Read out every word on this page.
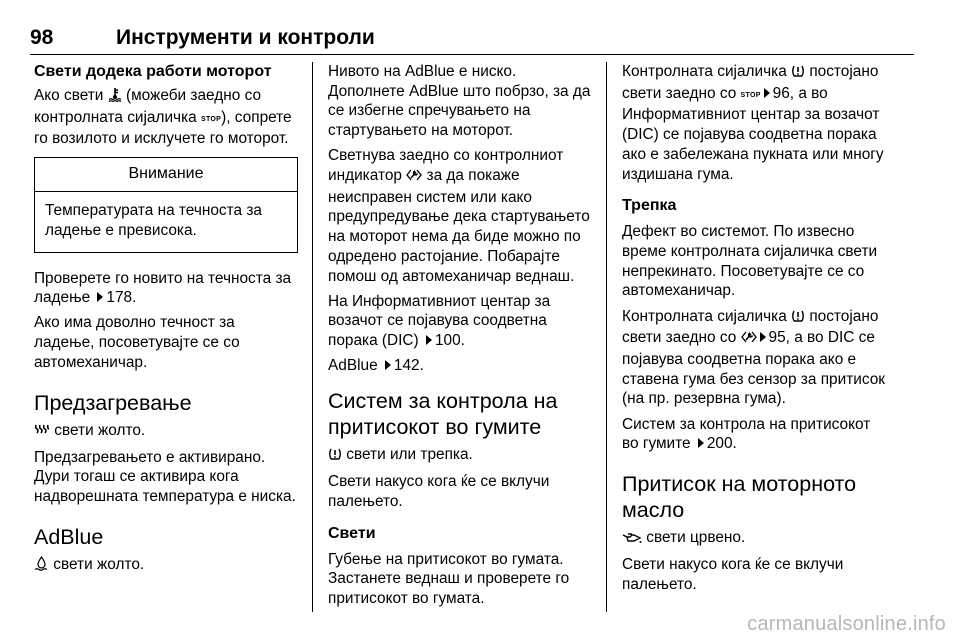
98	Инструменти и контроли
Свети додека работи моторот

Ако свети  (можеби заедно со контролната сијаличка STOP), сопрете го возилото и исклучете го моторот.

Внимание
Температурата на течноста за ладење е превисока.

Проверете го новито на течноста за ладење 178.

Ако има доволно течност за ладење, посоветувајте се со автомеханичар.

Предзагревање

свети жолто.

Предзагревањето е активирано. Дури тогаш се активира кога надворешната температура е ниска.

AdBlue

свети жолто.

Нивото на AdBlue е ниско. Дополнете AdBlue што побрзо, за да се избегне спречувањето на стартувањето на моторот.

Светнува заедно со контролниот индикатор  за да покаже неисправен систем или како предупредување дека стартувањето на моторот нема да биде можно по одредено растојание. Побарајте помош од автомеханичар веднаш.

На Информативниот центар за возачот се појавува соодветна порака (DIC) 100.

AdBlue 142.

Систем за контрола на притисокот во гумите

свети или трепка.

Свети накусо кога ќе се вклучи палењето.

Свети

Губење на притисокот во гумата. Застанете веднаш и проверете го притисокот во гумата.

Контролната сијаличка  постојано свети заедно со STOP 96, а во Информативниот центар за возачот (DIC) се појавува соодветна порака ако е забележана пукната или многу издишана гума.

Трепка

Дефект во системот. По извесно време контролната сијаличка свети непрекинато. Посоветувајте се со автомеханичар.

Контролната сијаличка  постојано свети заедно со 95, а во DIC се појавува соодветна порака ако е ставена гума без сензор за притисок (на пр. резервна гума).

Систем за контрола на притисокот во гумите 200.

Притисок на моторното масло

свети црвено.

Свети накусо кога ќе се вклучи палењето.

carmanualsonline.info
